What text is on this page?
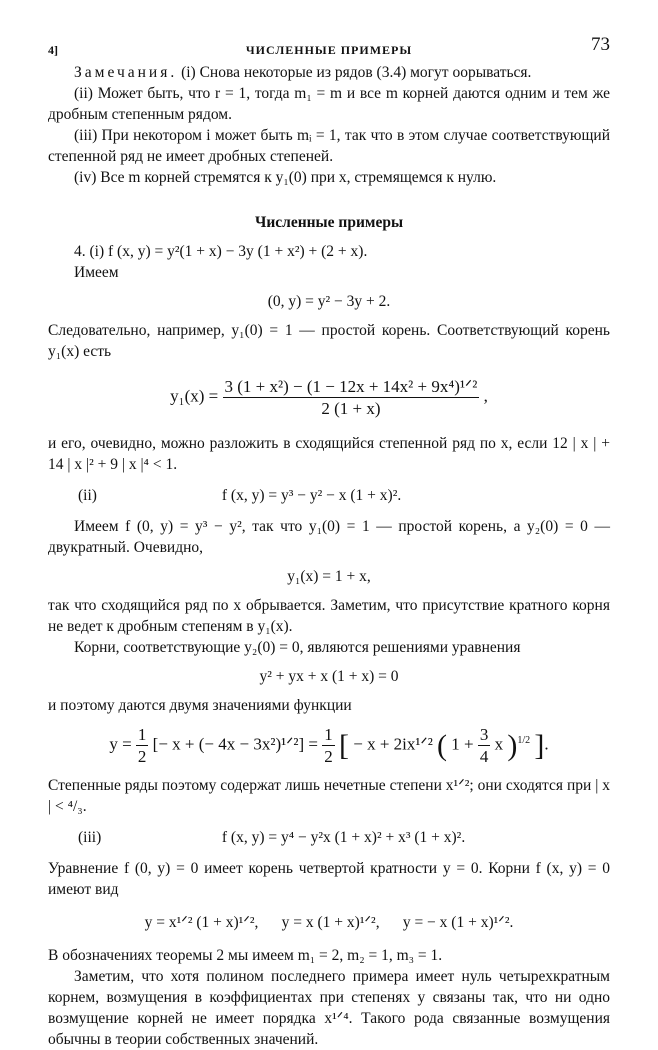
4]	ЧИСЛЕННЫЕ ПРИМЕРЫ	73

Замечания. (i) Снова некоторые из рядов (3.4) могут оорываться.

(ii) Может быть, что r = 1, тогда m₁ = m и все m корней даются одним и тем же дробным степенным рядом.

(iii) При некотором i может быть mᵢ = 1, так что в этом случае соответствующий степенной ряд не имеет дробных степеней.

(iv) Все m корней стремятся к y₁(0) при x, стремящемся к нулю.

Численные примеры

4. (i) f (x, y) = y²(1 + x) − 3y (1 + x²) + (2 + x).

Имеем

(0, y) = y² − 3y + 2.

Следовательно, например, y₁(0) = 1 — простой корень. Соответствующий корень y₁(x) есть

$y_1(x) = \frac{\text{3 (1 + x²) − (1 − 12x + 14x² + 9x⁴)¹ᐟ²}}{2 (1 + x)}$ ,

и его, очевидно, можно разложить в сходящийся степенной ряд по x, если 12 | x | + 14 | x |² + 9 | x |⁴ < 1.

(ii)	f (x, y) = y³ − y² − x (1 + x)².

Имеем f (0, y) = y³ − y², так что y₁(0) = 1 — простой корень, а y₂(0) = 0 — двукратный. Очевидно,

y₁(x) = 1 + x,

так что сходящийся ряд по x обрывается. Заметим, что присутствие кратного корня не ведет к дробным степеням в y₁(x).

Корни, соответствующие y₂(0) = 0, являются решениями уравнения

y² + yx + x (1 + x) = 0

и поэтому даются двумя значениями функции

$y = \frac{1}{2}$ [− x + (− 4x − 3x²)¹ᐟ²] = $\frac{1}{2}$ [ − x + 2ix¹ᐟ² ( $1 + \frac{3}{4}$ x )$^{1/2}$ ].

Степенные ряды поэтому содержат лишь нечетные степени x¹ᐟ²; они сходятся при | x | < ⁴/₃.

(iii)	f (x, y) = y⁴ − y²x (1 + x)² + x³ (1 + x)².

Уравнение f (0, y) = 0 имеет корень четвертой кратности y = 0. Корни f (x, y) = 0 имеют вид

y = x¹ᐟ² (1 + x)¹ᐟ²,      y = x (1 + x)¹ᐟ²,      y = − x (1 + x)¹ᐟ².

В обозначениях теоремы 2 мы имеем m₁ = 2, m₂ = 1, m₃ = 1.

Заметим, что хотя полином последнего примера имеет нуль четырехкратным корнем, возмущения в коэффициентах при степенях y связаны так, что ни одно возмущение корней не имеет порядка x¹ᐟ⁴. Такого рода связанные возмущения обычны в теории собственных значений.
